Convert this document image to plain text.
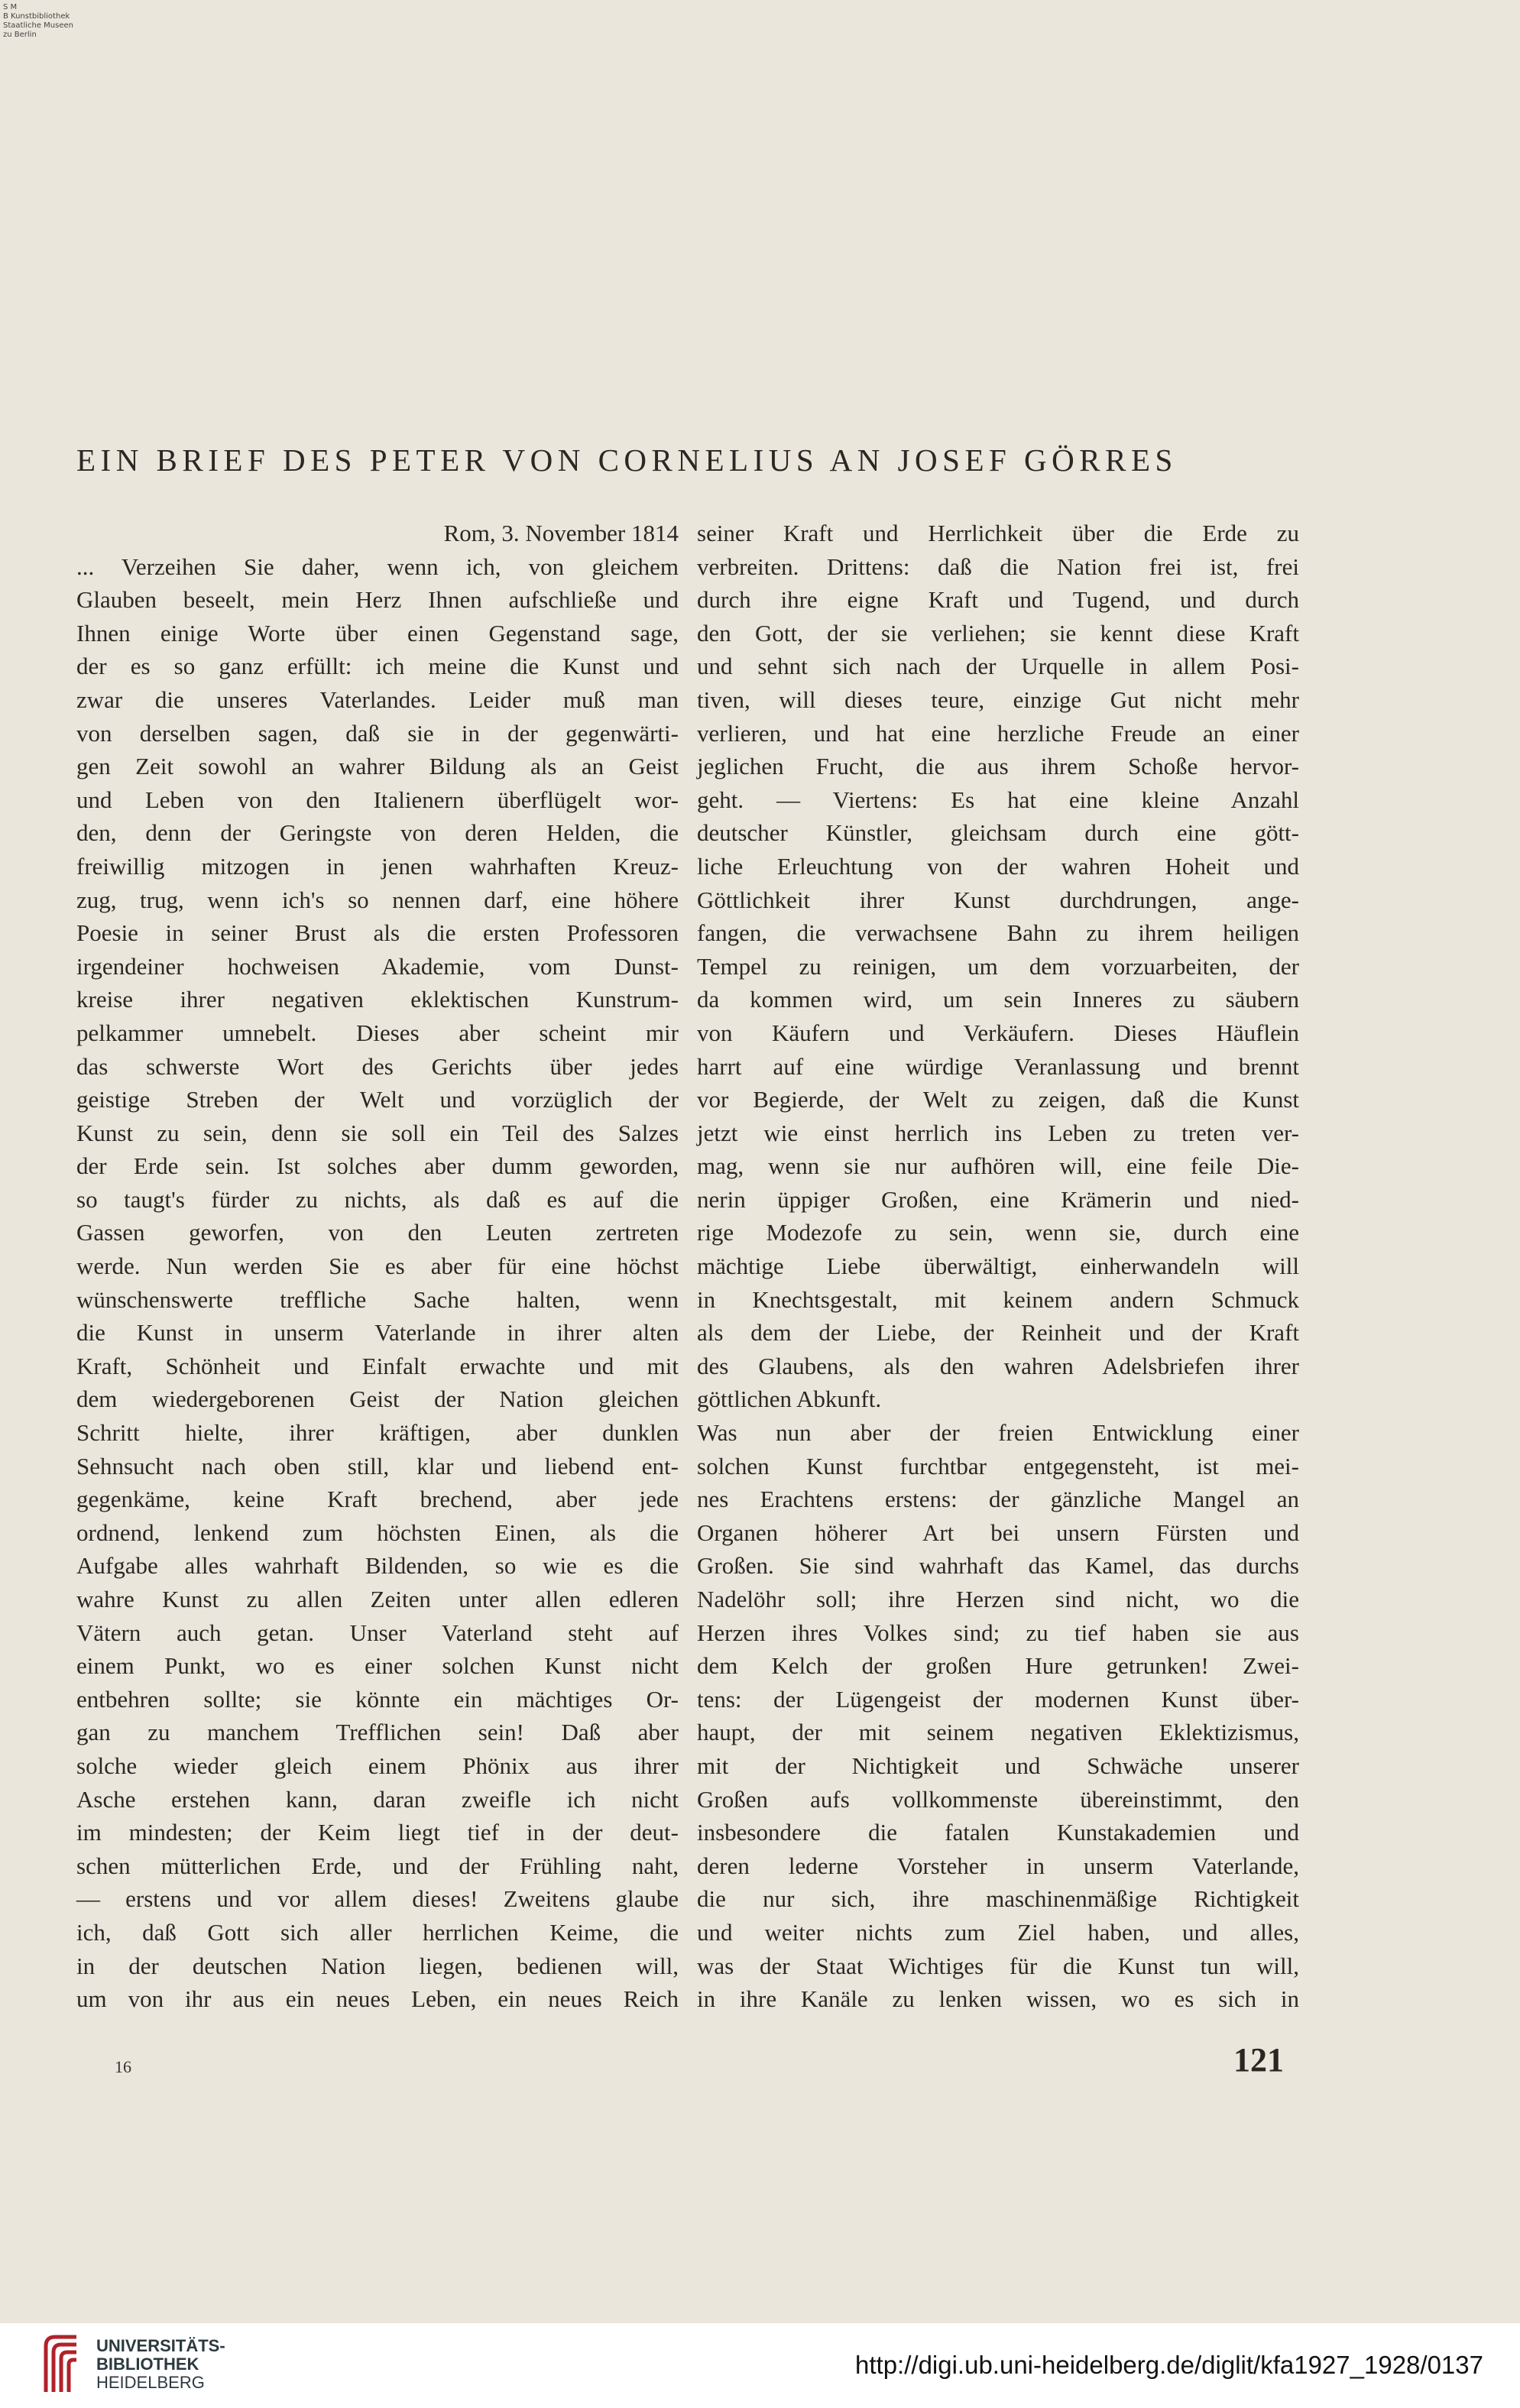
S M
B Kunstbibliothek
Staatliche Museen
zu Berlin
EIN BRIEF DES PETER VON CORNELIUS AN JOSEF GÖRRES
Rom, 3. November 1814
... Verzeihen Sie daher, wenn ich, von gleichem
Glauben beseelt, mein Herz Ihnen aufschließe und
Ihnen einige Worte über einen Gegenstand sage,
der es so ganz erfüllt: ich meine die Kunst und
zwar die unseres Vaterlandes. Leider muß man
von derselben sagen, daß sie in der gegenwärti-
gen Zeit sowohl an wahrer Bildung als an Geist
und Leben von den Italienern überflügelt wor-
den, denn der Geringste von deren Helden, die
freiwillig mitzogen in jenen wahrhaften Kreuz-
zug, trug, wenn ich's so nennen darf, eine höhere
Poesie in seiner Brust als die ersten Professoren
irgendeiner hochweisen Akademie, vom Dunst-
kreise ihrer negativen eklektischen Kunstrum-
pelkammer umnebelt. Dieses aber scheint mir
das schwerste Wort des Gerichts über jedes
geistige Streben der Welt und vorzüglich der
Kunst zu sein, denn sie soll ein Teil des Salzes
der Erde sein. Ist solches aber dumm geworden,
so taugt's fürder zu nichts, als daß es auf die
Gassen geworfen, von den Leuten zertreten
werde. Nun werden Sie es aber für eine höchst
wünschenswerte treffliche Sache halten, wenn
die Kunst in unserm Vaterlande in ihrer alten
Kraft, Schönheit und Einfalt erwachte und mit
dem wiedergeborenen Geist der Nation gleichen
Schritt hielte, ihrer kräftigen, aber dunklen
Sehnsucht nach oben still, klar und liebend ent-
gegenkäme, keine Kraft brechend, aber jede
ordnend, lenkend zum höchsten Einen, als die
Aufgabe alles wahrhaft Bildenden, so wie es die
wahre Kunst zu allen Zeiten unter allen edleren
Vätern auch getan. Unser Vaterland steht auf
einem Punkt, wo es einer solchen Kunst nicht
entbehren sollte; sie könnte ein mächtiges Or-
gan zu manchem Trefflichen sein! Daß aber
solche wieder gleich einem Phönix aus ihrer
Asche erstehen kann, daran zweifle ich nicht
im mindesten; der Keim liegt tief in der deut-
schen mütterlichen Erde, und der Frühling naht,
— erstens und vor allem dieses! Zweitens glaube
ich, daß Gott sich aller herrlichen Keime, die
in der deutschen Nation liegen, bedienen will,
um von ihr aus ein neues Leben, ein neues Reich
seiner Kraft und Herrlichkeit über die Erde zu
verbreiten. Drittens: daß die Nation frei ist, frei
durch ihre eigne Kraft und Tugend, und durch
den Gott, der sie verliehen; sie kennt diese Kraft
und sehnt sich nach der Urquelle in allem Posi-
tiven, will dieses teure, einzige Gut nicht mehr
verlieren, und hat eine herzliche Freude an einer
jeglichen Frucht, die aus ihrem Schoße hervor-
geht. — Viertens: Es hat eine kleine Anzahl
deutscher Künstler, gleichsam durch eine gött-
liche Erleuchtung von der wahren Hoheit und
Göttlichkeit ihrer Kunst durchdrungen, ange-
fangen, die verwachsene Bahn zu ihrem heiligen
Tempel zu reinigen, um dem vorzuarbeiten, der
da kommen wird, um sein Inneres zu säubern
von Käufern und Verkäufern. Dieses Häuflein
harrt auf eine würdige Veranlassung und brennt
vor Begierde, der Welt zu zeigen, daß die Kunst
jetzt wie einst herrlich ins Leben zu treten ver-
mag, wenn sie nur aufhören will, eine feile Die-
nerin üppiger Großen, eine Krämerin und nied-
rige Modezofe zu sein, wenn sie, durch eine
mächtige Liebe überwältigt, einherwandeln will
in Knechtsgestalt, mit keinem andern Schmuck
als dem der Liebe, der Reinheit und der Kraft
des Glaubens, als den wahren Adelsbriefen ihrer
göttlichen Abkunft.
Was nun aber der freien Entwicklung einer
solchen Kunst furchtbar entgegensteht, ist mei-
nes Erachtens erstens: der gänzliche Mangel an
Organen höherer Art bei unsern Fürsten und
Großen. Sie sind wahrhaft das Kamel, das durchs
Nadelöhr soll; ihre Herzen sind nicht, wo die
Herzen ihres Volkes sind; zu tief haben sie aus
dem Kelch der großen Hure getrunken! Zwei-
tens: der Lügengeist der modernen Kunst über-
haupt, der mit seinem negativen Eklektizismus,
mit der Nichtigkeit und Schwäche unserer
Großen aufs vollkommenste übereinstimmt, den
insbesondere die fatalen Kunstakademien und
deren lederne Vorsteher in unserm Vaterlande,
die nur sich, ihre maschinenmäßige Richtigkeit
und weiter nichts zum Ziel haben, und alles,
was der Staat Wichtiges für die Kunst tun will,
in ihre Kanäle zu lenken wissen, wo es sich in
16	121
UNIVERSITÄTS-
BIBLIOTHEK
HEIDELBERG
http://digi.ub.uni-heidelberg.de/diglit/kfa1927_1928/0137
